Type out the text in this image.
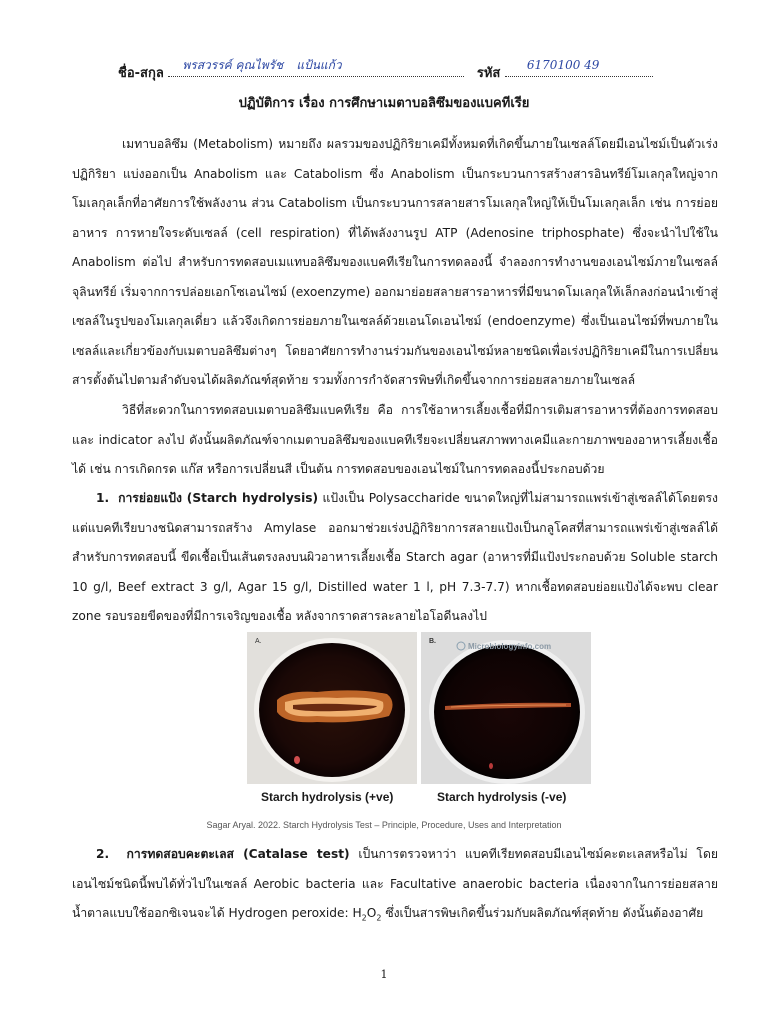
ชื่อ-สกุล
พรสวรรค์ คุณไพรัช แป้นแก้ว
รหัส
6170100 49
ปฏิบัติการ เรื่อง การศึกษาเมตาบอลิซึมของแบคทีเรีย

เมทาบอลิซึม (Metabolism) หมายถึง ผลรวมของปฏิกิริยาเคมีทั้งหมดที่เกิดขึ้นภายในเซลล์โดยมีเอนไซม์เป็นตัวเร่งปฏิกิริยา แบ่งออกเป็น Anabolism และ Catabolism ซึ่ง Anabolism เป็นกระบวนการสร้างสารอินทรีย์โมเลกุลใหญ่จากโมเลกุลเล็กที่อาศัยการใช้พลังงาน ส่วน Catabolism เป็นกระบวนการสลายสารโมเลกุลใหญ่ให้เป็นโมเลกุลเล็ก เช่น การย่อยอาหาร การหายใจระดับเซลล์ (cell respiration) ที่ได้พลังงานรูป ATP (Adenosine triphosphate) ซึ่งจะนำไปใช้ใน Anabolism ต่อไป สำหรับการทดสอบเมแทบอลิซึมของแบคทีเรียในการทดลองนี้ จำลองการทำงานของเอนไซม์ภายในเซลล์จุลินทรีย์ เริ่มจากการปล่อยเอกโซเอนไซม์ (exoenzyme) ออกมาย่อยสลายสารอาหารที่มีขนาดโมเลกุลให้เล็กลงก่อนนำเข้าสู่เซลล์ในรูปของโมเลกุลเดี่ยว แล้วจึงเกิดการย่อยภายในเซลล์ด้วยเอนโดเอนไซม์ (endoenzyme) ซึ่งเป็นเอนไซม์ที่พบภายในเซลล์และเกี่ยวข้องกับเมตาบอลิซึมต่างๆ โดยอาศัยการทำงานร่วมกันของเอนไซม์หลายชนิดเพื่อเร่งปฏิกิริยาเคมีในการเปลี่ยนสารตั้งต้นไปตามลำดับจนได้ผลิตภัณฑ์สุดท้าย รวมทั้งการกำจัดสารพิษที่เกิดขึ้นจากการย่อยสลายภายในเซลล์

วิธีที่สะดวกในการทดสอบเมตาบอลิซึมแบคทีเรีย คือ การใช้อาหารเลี้ยงเชื้อที่มีการเติมสารอาหารที่ต้องการทดสอบและ indicator ลงไป ดังนั้นผลิตภัณฑ์จากเมตาบอลิซึมของแบคทีเรียจะเปลี่ยนสภาพทางเคมีและกายภาพของอาหารเลี้ยงเชื้อได้ เช่น การเกิดกรด แก๊ส หรือการเปลี่ยนสี เป็นต้น การทดสอบของเอนไซม์ในการทดลองนี้ประกอบด้วย

1. การย่อยแป้ง (Starch hydrolysis) แป้งเป็น Polysaccharide ขนาดใหญ่ที่ไม่สามารถแพร่เข้าสู่เซลล์ได้โดยตรง แต่แบคทีเรียบางชนิดสามารถสร้าง Amylase ออกมาช่วยเร่งปฏิกิริยาการสลายแป้งเป็นกลูโคสที่สามารถแพร่เข้าสู่เซลล์ได้ สำหรับการทดสอบนี้ ขีดเชื้อเป็นเส้นตรงลงบนผิวอาหารเลี้ยงเชื้อ Starch agar (อาหารที่มีแป้งประกอบด้วย Soluble starch 10 g/l, Beef extract 3 g/l, Agar 15 g/l, Distilled water 1 l, pH 7.3-7.7) หากเชื้อทดสอบย่อยแป้งได้จะพบ clear zone รอบรอยขีดของที่มีการเจริญของเชื้อ หลังจากราดสารละลายไอโอดีนลงไป

A.	B.
Microbiologyinfo.com
Starch hydrolysis (+ve)	Starch hydrolysis (-ve)
Sagar Aryal. 2022. Starch Hydrolysis Test – Principle, Procedure, Uses and Interpretation

2. การทดสอบคะตะเลส (Catalase test) เป็นการตรวจหาว่า แบคทีเรียทดสอบมีเอนไซม์คะตะเลสหรือไม่ โดยเอนไซม์ชนิดนี้พบได้ทั่วไปในเซลล์ Aerobic bacteria และ Facultative anaerobic bacteria เนื่องจากในการย่อยสลายน้ำตาลแบบใช้ออกซิเจนจะได้ Hydrogen peroxide: $H_2O_2$ ซึ่งเป็นสารพิษเกิดขึ้นร่วมกับผลิตภัณฑ์สุดท้าย ดังนั้นต้องอาศัย

1
